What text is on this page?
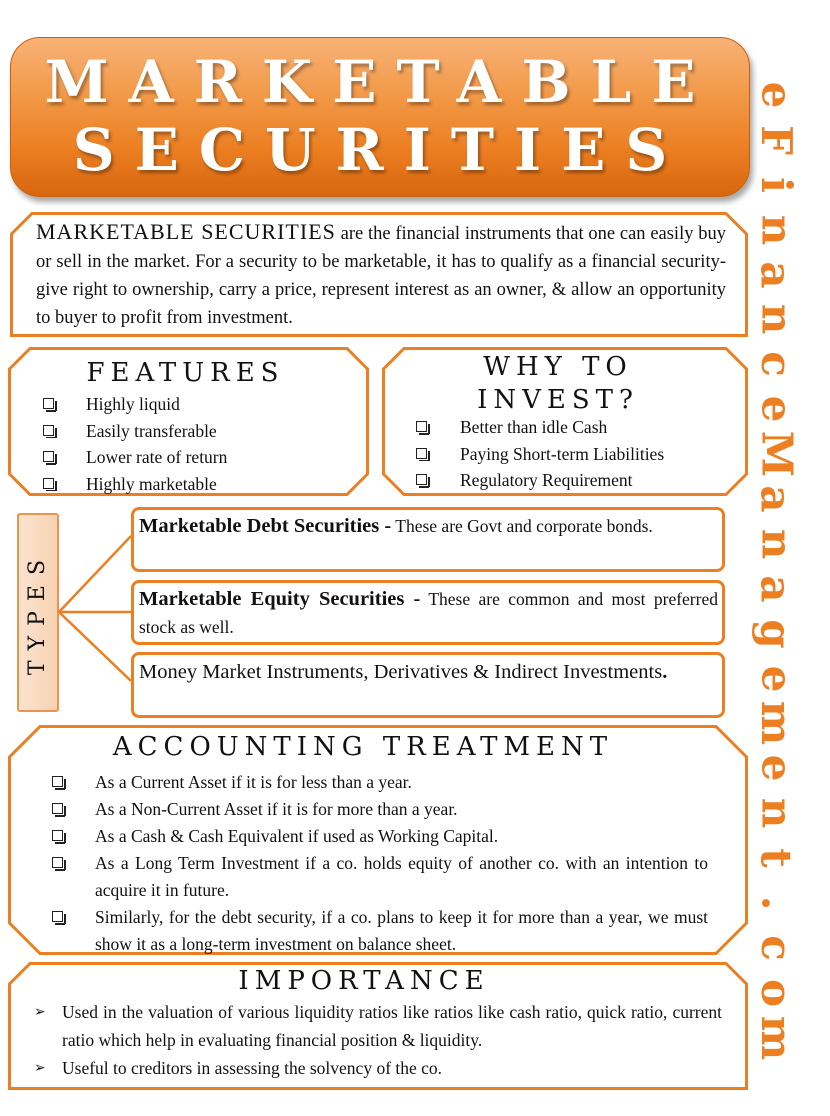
MARKETABLE
SECURITIES
e
F
i
n
a
n
c
e
M
a
n
a
g
e
m
e
n
t
.
c
o
m
MARKETABLE SECURITIES are the financial instruments that one can easily buy or sell in the market. For a security to be marketable, it has to qualify as a financial security- give right to ownership, carry a price, represent interest as an owner, & allow an opportunity to buyer to profit from investment.
FEATURES
Highly liquid
Easily transferable
Lower rate of return
Highly marketable
WHY TO
INVEST?
Better than idle Cash
Paying Short-term Liabilities
Regulatory Requirement
TYPES
Marketable Debt Securities - These are Govt and corporate bonds.
Marketable Equity Securities - These are common and most preferred stock as well.
Money Market Instruments, Derivatives & Indirect Investments.
ACCOUNTING TREATMENT
As a Current Asset if it is for less than a year.
As a Non-Current Asset if it is for more than a year.
As a Cash & Cash Equivalent if used as Working Capital.
As a Long Term Investment if a co. holds equity of another co. with an intention to acquire it in future.
Similarly, for the debt security, if a co. plans to keep it for more than a year, we must show it as a long-term investment on balance sheet.
IMPORTANCE
➢ Used in the valuation of various liquidity ratios like ratios like cash ratio, quick ratio, current ratio which help in evaluating financial position & liquidity.
➢ Useful to creditors in assessing the solvency of the co.
